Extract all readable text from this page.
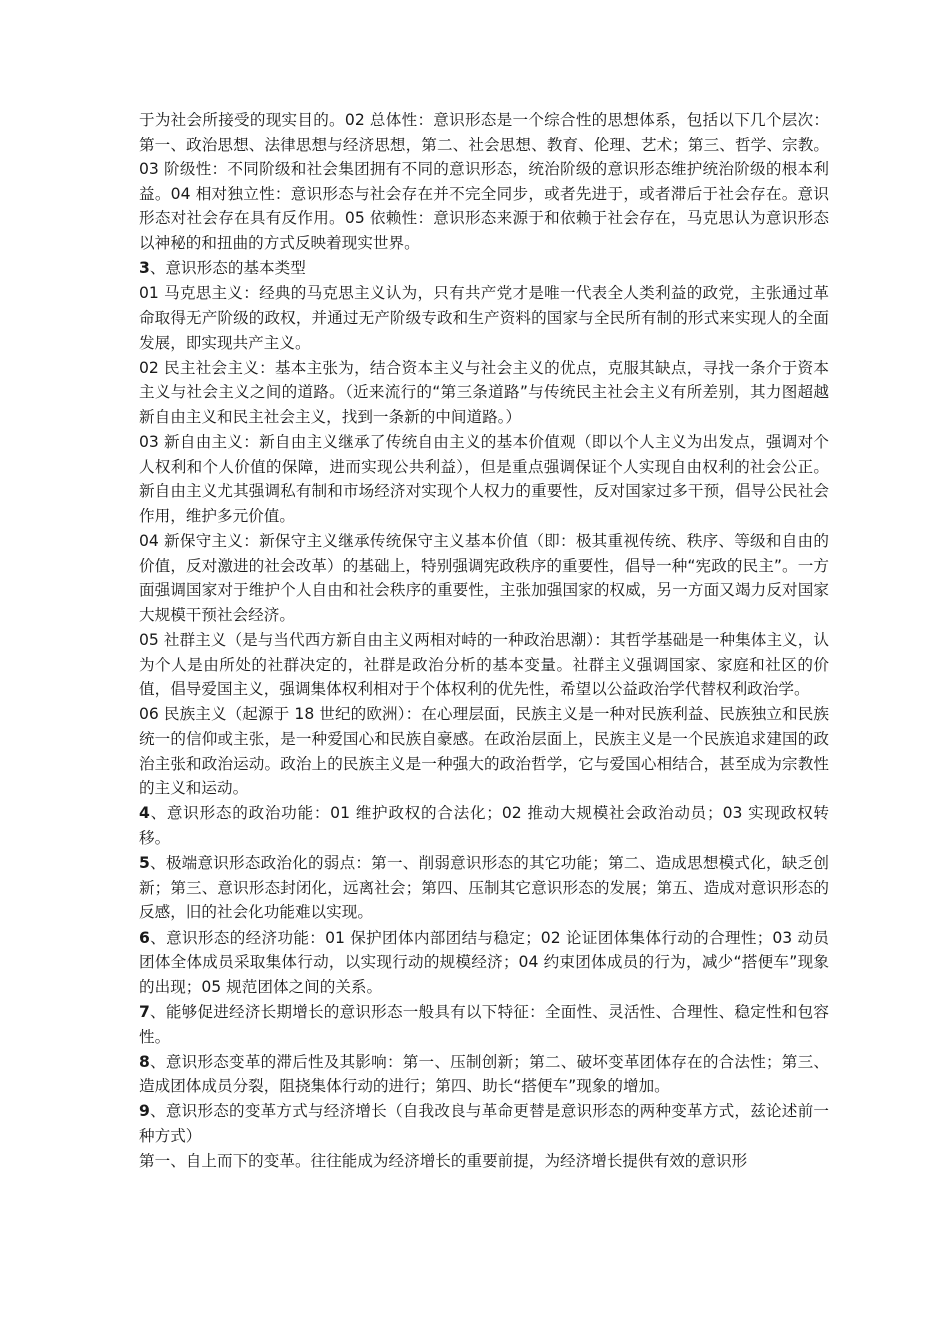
于为社会所接受的现实目的。02 总体性：意识形态是一个综合性的思想体系，包括以下几个层次：第一、政治思想、法律思想与经济思想，第二、社会思想、教育、伦理、艺术；第三、哲学、宗教。03 阶级性：不同阶级和社会集团拥有不同的意识形态，统治阶级的意识形态维护统治阶级的根本利益。04 相对独立性：意识形态与社会存在并不完全同步，或者先进于，或者滞后于社会存在。意识形态对社会存在具有反作用。05 依赖性：意识形态来源于和依赖于社会存在，马克思认为意识形态以神秘的和扭曲的方式反映着现实世界。

3、意识形态的基本类型

01 马克思主义：经典的马克思主义认为，只有共产党才是唯一代表全人类利益的政党，主张通过革命取得无产阶级的政权，并通过无产阶级专政和生产资料的国家与全民所有制的形式来实现人的全面发展，即实现共产主义。

02 民主社会主义：基本主张为，结合资本主义与社会主义的优点，克服其缺点，寻找一条介于资本主义与社会主义之间的道路。（近来流行的“第三条道路”与传统民主社会主义有所差别，其力图超越新自由主义和民主社会主义，找到一条新的中间道路。）

03 新自由主义：新自由主义继承了传统自由主义的基本价值观（即以个人主义为出发点，强调对个人权利和个人价值的保障，进而实现公共利益），但是重点强调保证个人实现自由权利的社会公正。新自由主义尤其强调私有制和市场经济对实现个人权力的重要性，反对国家过多干预，倡导公民社会作用，维护多元价值。

04 新保守主义：新保守主义继承传统保守主义基本价值（即：极其重视传统、秩序、等级和自由的价值，反对激进的社会改革）的基础上，特别强调宪政秩序的重要性，倡导一种“宪政的民主”。一方面强调国家对于维护个人自由和社会秩序的重要性，主张加强国家的权威，另一方面又竭力反对国家大规模干预社会经济。

05 社群主义（是与当代西方新自由主义两相对峙的一种政治思潮）：其哲学基础是一种集体主义，认为个人是由所处的社群决定的，社群是政治分析的基本变量。社群主义强调国家、家庭和社区的价值，倡导爱国主义，强调集体权利相对于个体权利的优先性，希望以公益政治学代替权利政治学。

06 民族主义（起源于 18 世纪的欧洲）：在心理层面，民族主义是一种对民族利益、民族独立和民族统一的信仰或主张，是一种爱国心和民族自豪感。在政治层面上，民族主义是一个民族追求建国的政治主张和政治运动。政治上的民族主义是一种强大的政治哲学，它与爱国心相结合，甚至成为宗教性的主义和运动。

4、意识形态的政治功能：01 维护政权的合法化；02 推动大规模社会政治动员；03 实现政权转移。

5、极端意识形态政治化的弱点：第一、削弱意识形态的其它功能；第二、造成思想模式化，缺乏创新；第三、意识形态封闭化，远离社会；第四、压制其它意识形态的发展；第五、造成对意识形态的反感，旧的社会化功能难以实现。

6、意识形态的经济功能：01 保护团体内部团结与稳定；02 论证团体集体行动的合理性；03 动员团体全体成员采取集体行动，以实现行动的规模经济；04 约束团体成员的行为，减少“搭便车”现象的出现；05 规范团体之间的关系。

7、能够促进经济长期增长的意识形态一般具有以下特征：全面性、灵活性、合理性、稳定性和包容性。

8、意识形态变革的滞后性及其影响：第一、压制创新；第二、破坏变革团体存在的合法性；第三、造成团体成员分裂，阻挠集体行动的进行；第四、助长“搭便车”现象的增加。

9、意识形态的变革方式与经济增长（自我改良与革命更替是意识形态的两种变革方式，兹论述前一种方式）

第一、自上而下的变革。往往能成为经济增长的重要前提，为经济增长提供有效的意识形
